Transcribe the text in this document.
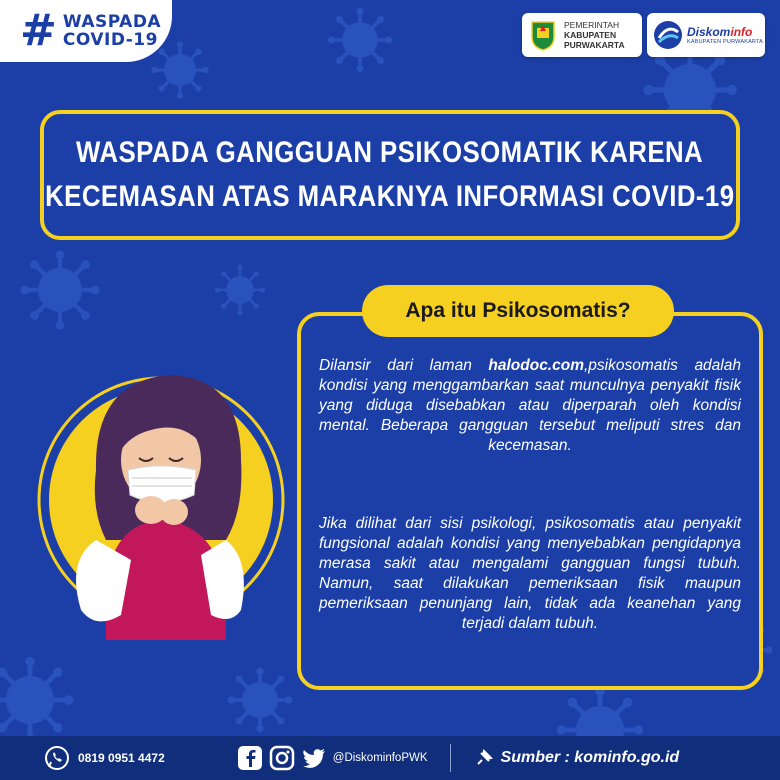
# WASPADA
COVID-19
PEMERINTAH
KABUPATEN
PURWAKARTA
Diskominfo
KABUPATEN PURWAKARTA
WASPADA GANGGUAN PSIKOSOMATIK KARENA
KECEMASAN ATAS MARAKNYA INFORMASI COVID-19
Dilansir dari laman halodoc.com,psikosomatis adalah kondisi yang menggambarkan saat munculnya penyakit fisik yang diduga disebabkan atau diperparah oleh kondisi mental. Beberapa gangguan tersebut meliputi stres dan kecemasan.
Jika dilihat dari sisi psikologi, psikosomatis atau penyakit fungsional adalah kondisi yang menyebabkan pengidapnya merasa sakit atau mengalami gangguan fungsi tubuh. Namun, saat dilakukan pemeriksaan fisik maupun pemeriksaan penunjang lain, tidak ada keanehan yang terjadi dalam tubuh.
Apa itu Psikosomatis?
0819 0951 4472	@DiskominfoPWK	Sumber : kominfo.go.id
